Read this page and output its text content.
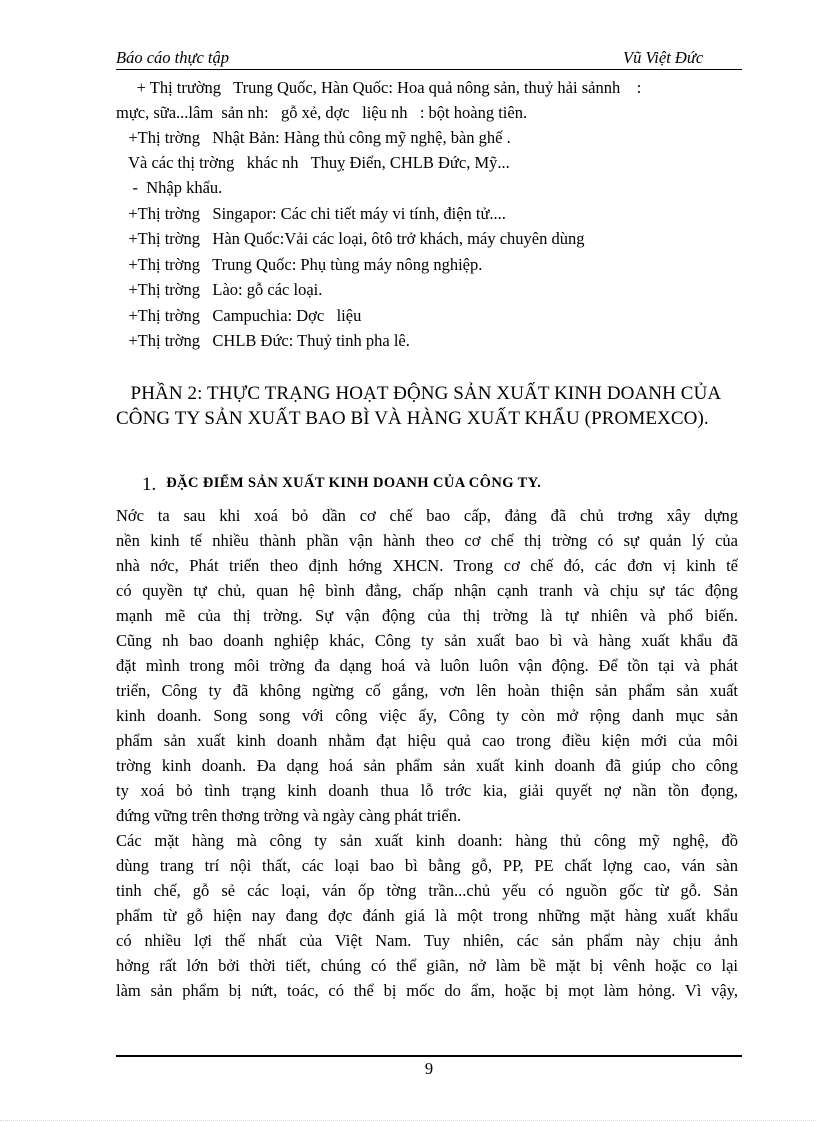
Báo cáo thực tập	Vũ Việt Đức
+ Thị trường   Trung Quốc, Hàn Quốc: Hoa quả nông sản, thuỷ hải sảnnh    :
mực, sữa...lâm  sản nh:   gỗ xẻ, dợc   liệu nh   : bột hoàng tiên.
+Thị trờng   Nhật Bản: Hàng thủ công mỹ nghệ, bàn ghế .
Và các thị trờng   khác nh   Thuỵ Điển, CHLB Đức, Mỹ...
-  Nhập khẩu.
+Thị trờng   Singapor: Các chi tiết máy vi tính, điện tử....
+Thị trờng   Hàn Quốc:Vải các loại, ôtô trở khách, máy chuyên dùng
+Thị trờng   Trung Quốc: Phụ tùng máy nông nghiệp.
+Thị trờng   Lào: gỗ các loại.
+Thị trờng   Campuchia: Dợc   liệu
+Thị trờng   CHLB Đức: Thuỷ tinh pha lê.
PHẦN 2: THỰC TRẠNG HOẠT ĐỘNG SẢN XUẤT KINH DOANH CỦA
CÔNG TY SẢN XUẤT BAO BÌ VÀ HÀNG XUẤT KHẨU (PROMEXCO).

1. ĐẶC ĐIỂM SẢN XUẤT KINH DOANH CỦA CÔNG TY.

Nớc ta sau khi xoá bỏ dần cơ chế bao cấp, đảng đã chủ trơng xây dựng
nền kinh tế nhiều thành phần vận hành theo cơ chế thị trờng có sự quản lý của
nhà nớc, Phát triển theo định hớng XHCN. Trong cơ chế đó, các đơn vị kinh tế
có quyền tự chủ, quan hệ bình đẳng, chấp nhận cạnh tranh và chịu sự tác động
mạnh mẽ của thị trờng. Sự vận động của thị trờng là tự nhiên và phổ biến.
Cũng nh bao doanh nghiệp khác, Công ty sản xuất bao bì và hàng xuất khẩu đã
đặt mình trong môi trờng đa dạng hoá và luôn luôn vận động. Để tồn tại và phát
triển, Công ty đã không ngừng cố gắng, vơn lên hoàn thiện sản phẩm sản xuất
kinh doanh. Song song với công việc ấy, Công ty còn mở rộng danh mục sản
phẩm sản xuất kinh doanh nhằm đạt hiệu quả cao trong điều kiện mới của môi
trờng kinh doanh. Đa dạng hoá sản phẩm sản xuất kinh doanh đã giúp cho công
ty xoá bỏ tình trạng kinh doanh thua lỗ trớc kia, giải quyết nợ nần tồn đọng,
đứng vững trên thơng trờng và ngày càng phát triển.
Các mặt hàng mà công ty sản xuất kinh doanh: hàng thủ công mỹ nghệ, đồ
dùng trang trí nội thất, các loại bao bì bằng gỗ, PP, PE chất lợng cao, ván sàn
tinh chế, gỗ sẻ các loại, ván ốp tờng trần...chủ yếu có nguồn gốc từ gỗ. Sản
phẩm từ gỗ hiện nay đang đợc đánh giá là một trong những mặt hàng xuất khẩu
có nhiều lợi thế nhất của Việt Nam. Tuy nhiên, các sản phẩm này chịu ảnh
hởng rất lớn bởi thời tiết, chúng có thể giãn, nở làm bề mặt bị vênh hoặc co lại
làm sản phẩm bị nứt, toác, có thể bị mốc do ẩm, hoặc bị mọt làm hỏng. Vì vậy,
9
